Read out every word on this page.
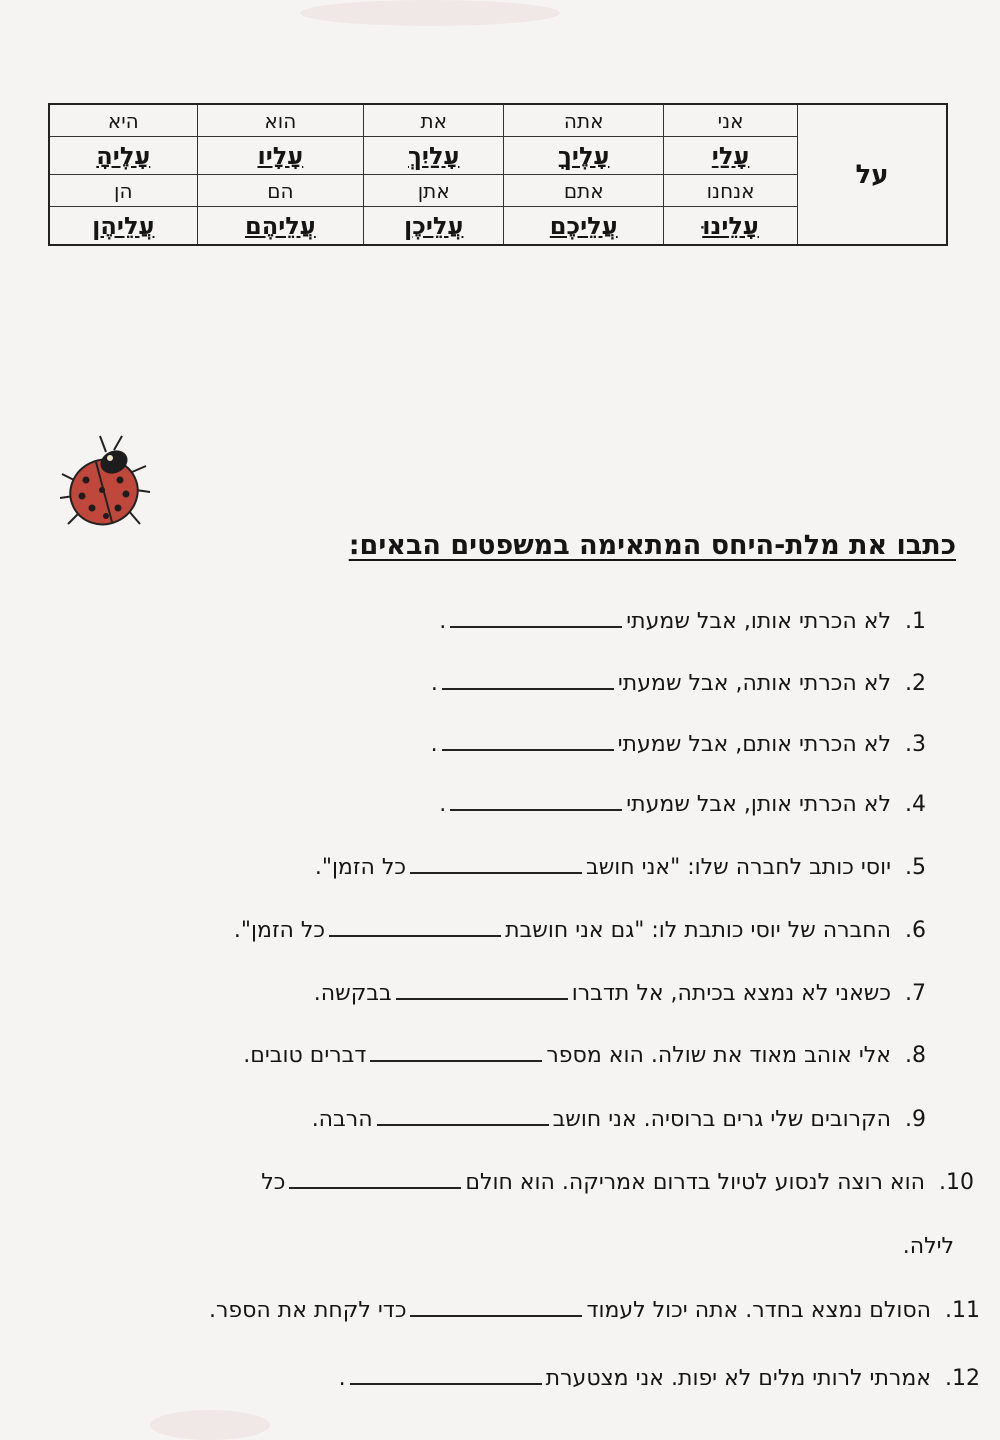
על	אני	אתה	את	הוא	היא
	עָלַי	עָלֶיךָ	עָלַיִךְ	עָלָיו	עָלֶיהָ
	אנחנו	אתם	אתן	הם	הן
	עָלֵינוּ	עֲלֵיכֶם	עֲלֵיכֶן	עֲלֵיהֶם	עֲלֵיהֶן
כתבו את מלת-היחס המתאימה במשפטים הבאים:
1.לא הכרתי אותו, אבל שמעתי.
2.לא הכרתי אותה, אבל שמעתי.
3.לא הכרתי אותם, אבל שמעתי.
4.לא הכרתי אותן, אבל שמעתי.
5.יוסי כותב לחברה שלו: "אני חושבכל הזמן".
6.החברה של יוסי כותבת לו: "גם אני חושבתכל הזמן".
7.כשאני לא נמצא בכיתה, אל תדברובבקשה.
8.אלי אוהב מאוד את שולה. הוא מספרדברים טובים.
9.הקרובים שלי גרים ברוסיה. אני חושבהרבה.
10.הוא רוצה לנסוע לטיול בדרום אמריקה. הוא חולםכל
לילה.
11.הסולם נמצא בחדר. אתה יכול לעמודכדי לקחת את הספר.
12.אמרתי לרותי מלים לא יפות. אני מצטערת.
